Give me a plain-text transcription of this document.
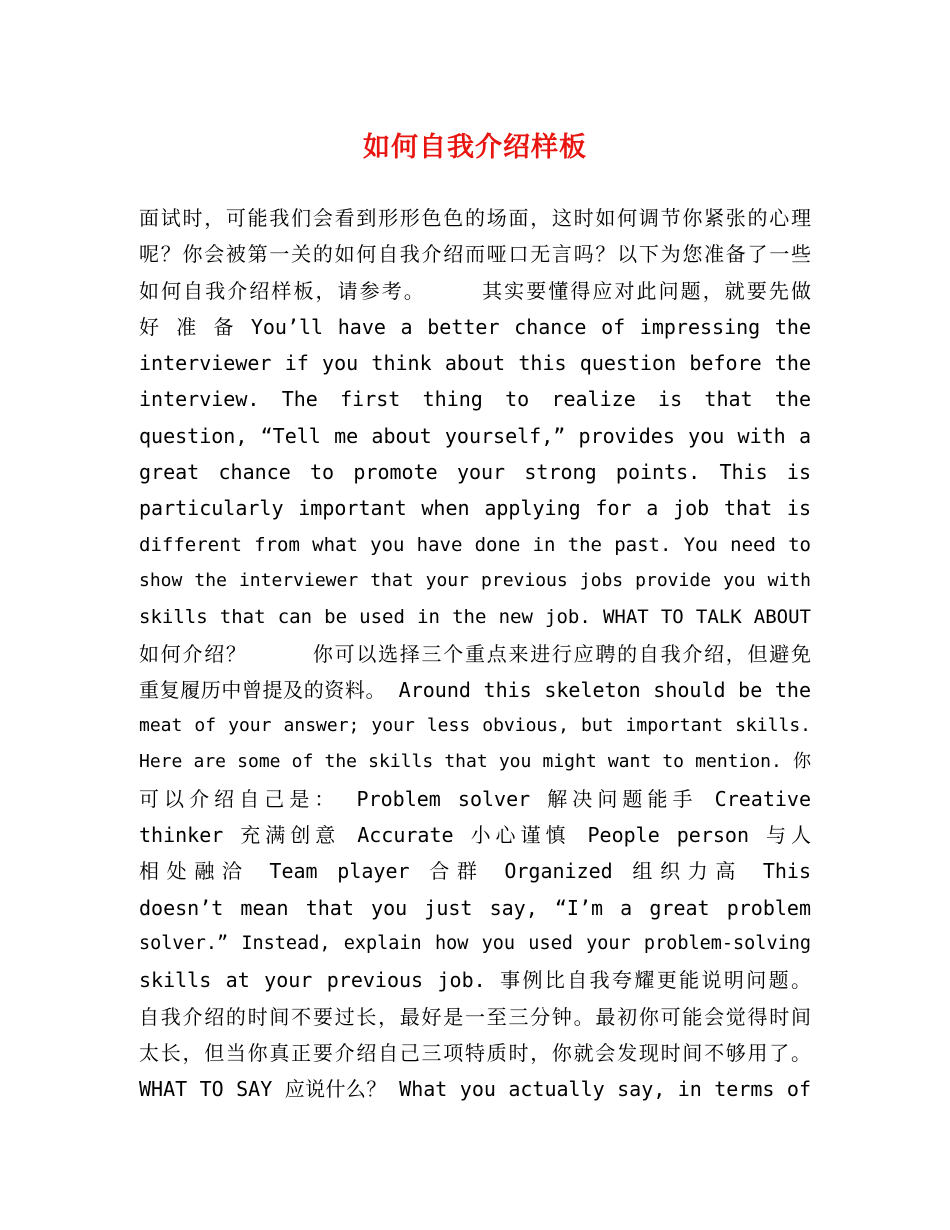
如何自我介绍样板
面试时，可能我们会看到形形色色的场面，这时如何调节你紧张的心理
呢？你会被第一关的如何自我介绍而哑口无言吗？以下为您准备了一些
如何自我介绍样板，请参考。　　　其实要懂得应对此问题，就要先做
好 准 备 You’ll have a better chance of impressing the
interviewer if you think about this question before the
interview. The first thing to realize is that the
question, “Tell me about yourself,” provides you with a
great chance to promote your strong points. This is
particularly important when applying for a job that is
different from what you have done in the past. You need to
show the interviewer that your previous jobs provide you with
skills that can be used in the new job. WHAT TO TALK ABOUT
如何介绍？　　　你可以选择三个重点来进行应聘的自我介绍，但避免
重复履历中曾提及的资料。 Around this skeleton should be the
meat of your answer; your less obvious, but important skills.
Here are some of the skills that you might want to mention. 你
可以介绍自己是： Problem solver 解决问题能手 Creative
thinker 充满创意 Accurate 小心谨慎 People person 与人
相处融洽 Team player 合群 Organized 组织力高 This
doesn’t mean that you just say, “I’m a great problem
solver.” Instead, explain how you used your problem-solving
skills at your previous job. 事例比自我夸耀更能说明问题。
自我介绍的时间不要过长，最好是一至三分钟。最初你可能会觉得时间
太长，但当你真正要介绍自己三项特质时，你就会发现时间不够用了。
WHAT TO SAY 应说什么？ What you actually say, in terms of
